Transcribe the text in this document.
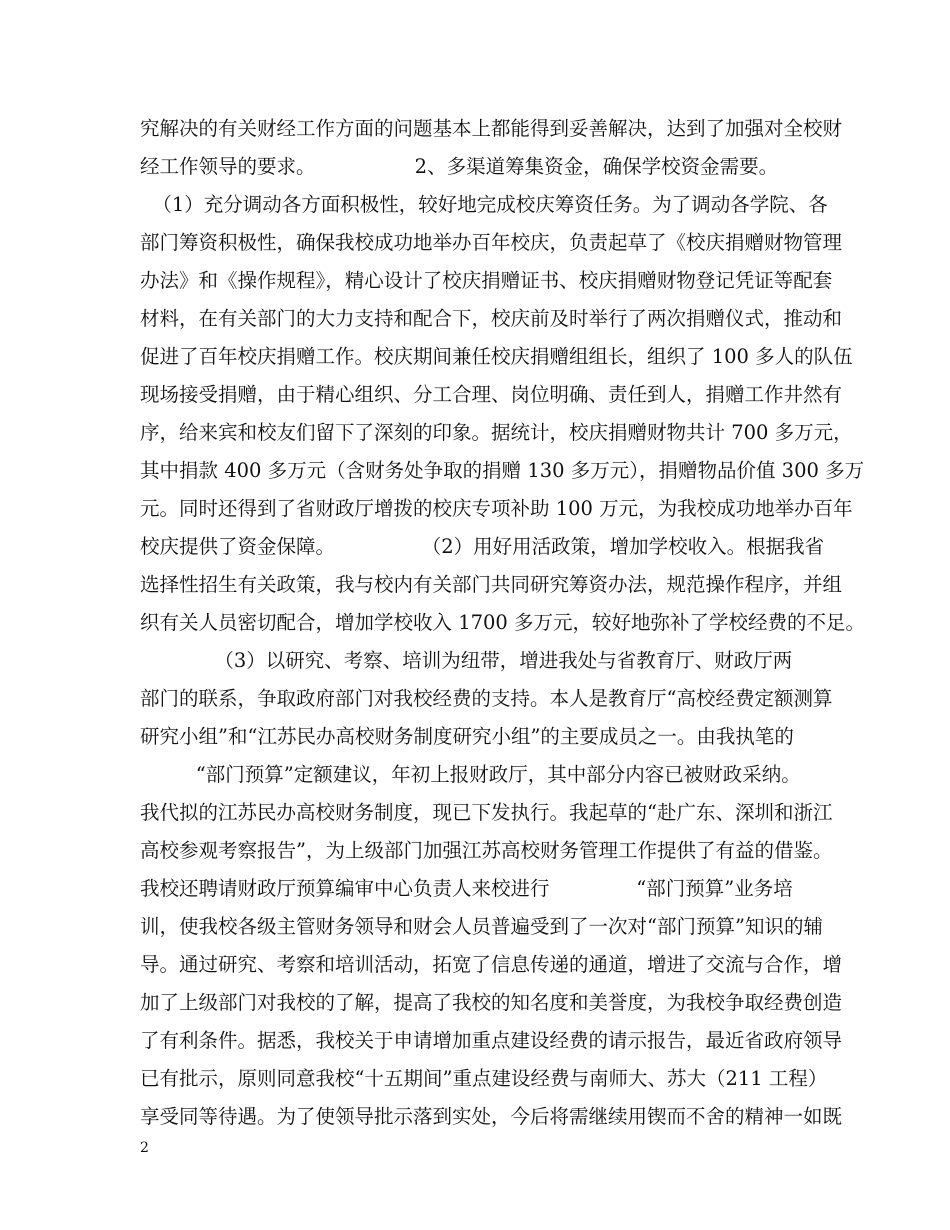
究解决的有关财经工作方面的问题基本上都能得到妥善解决，达到了加强对全校财
经工作领导的要求。                2、多渠道筹集资金，确保学校资金需要。
（1）充分调动各方面积极性，较好地完成校庆筹资任务。为了调动各学院、各
部门筹资积极性，确保我校成功地举办百年校庆，负责起草了《校庆捐赠财物管理
办法》和《操作规程》，精心设计了校庆捐赠证书、校庆捐赠财物登记凭证等配套
材料，在有关部门的大力支持和配合下，校庆前及时举行了两次捐赠仪式，推动和
促进了百年校庆捐赠工作。校庆期间兼任校庆捐赠组组长，组织了 100 多人的队伍
现场接受捐赠，由于精心组织、分工合理、岗位明确、责任到人，捐赠工作井然有
序，给来宾和校友们留下了深刻的印象。据统计，校庆捐赠财物共计 700 多万元，
其中捐款 400 多万元（含财务处争取的捐赠 130 多万元），捐赠物品价值 300 多万
元。同时还得到了省财政厅增拨的校庆专项补助 100 万元，为我校成功地举办百年
校庆提供了资金保障。              （2）用好用活政策，增加学校收入。根据我省
选择性招生有关政策，我与校内有关部门共同研究筹资办法，规范操作程序，并组
织有关人员密切配合，增加学校收入 1700 多万元，较好地弥补了学校经费的不足。
（3）以研究、考察、培训为纽带，增进我处与省教育厅、财政厅两
部门的联系，争取政府部门对我校经费的支持。本人是教育厅“高校经费定额测算
研究小组”和“江苏民办高校财务制度研究小组”的主要成员之一。由我执笔的
“部门预算”定额建议，年初上报财政厅，其中部分内容已被财政采纳。
我代拟的江苏民办高校财务制度，现已下发执行。我起草的“赴广东、深圳和浙江
高校参观考察报告”，为上级部门加强江苏高校财务管理工作提供了有益的借鉴。
我校还聘请财政厅预算编审中心负责人来校进行              “部门预算”业务培
训，使我校各级主管财务领导和财会人员普遍受到了一次对“部门预算”知识的辅
导。通过研究、考察和培训活动，拓宽了信息传递的通道，增进了交流与合作，增
加了上级部门对我校的了解，提高了我校的知名度和美誉度，为我校争取经费创造
了有利条件。据悉，我校关于申请增加重点建设经费的请示报告，最近省政府领导
已有批示，原则同意我校“十五期间”重点建设经费与南师大、苏大（211 工程）
享受同等待遇。为了使领导批示落到实处，今后将需继续用锲而不舍的精神一如既
2
